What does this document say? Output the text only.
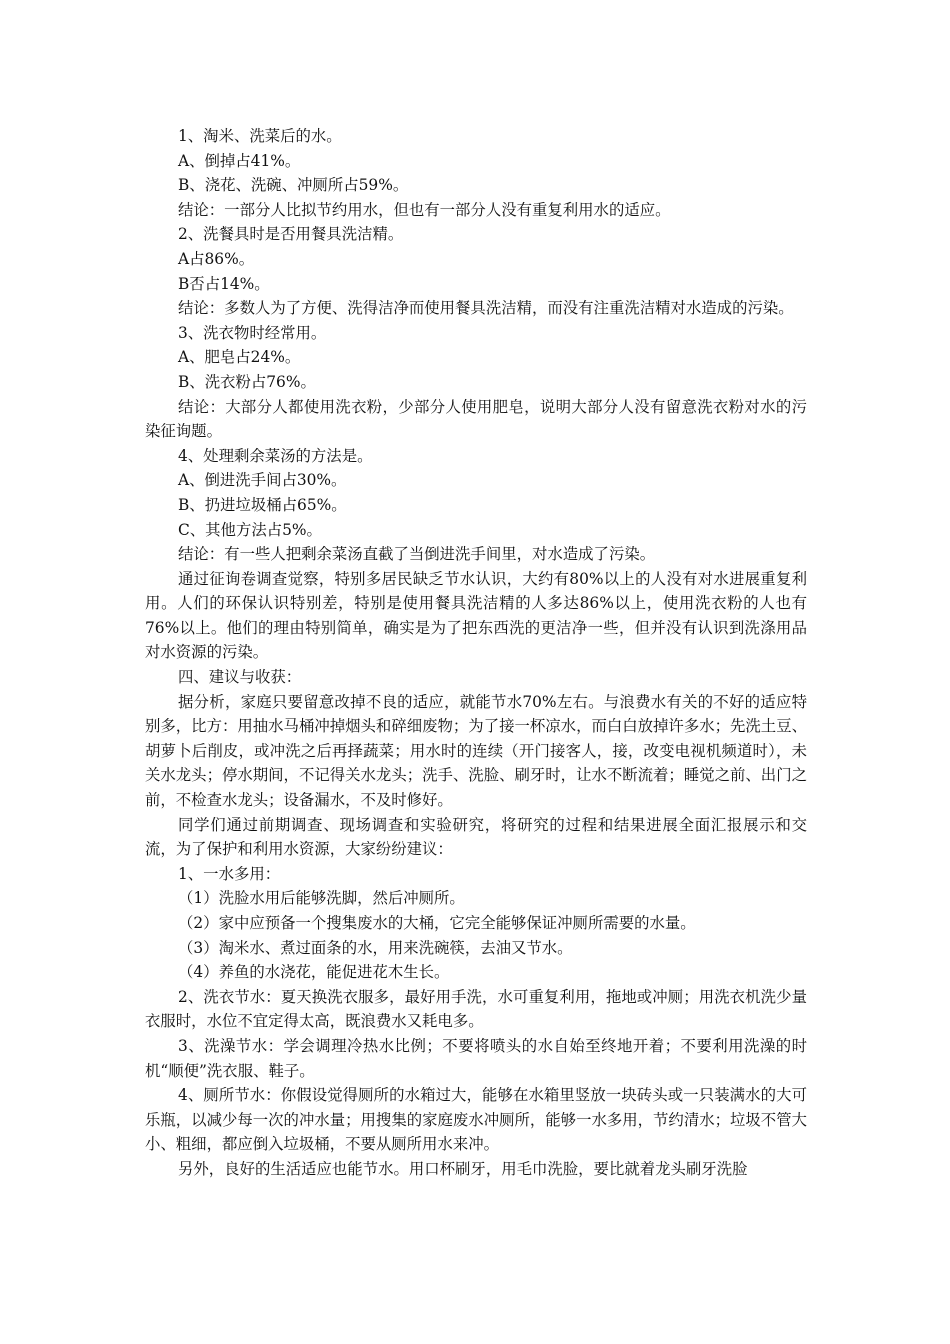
1、淘米、洗菜后的水。

A、倒掉占41%。

B、浇花、洗碗、冲厕所占59%。

结论：一部分人比拟节约用水，但也有一部分人没有重复利用水的适应。

2、洗餐具时是否用餐具洗洁精。

A占86%。

B否占14%。

结论：多数人为了方便、洗得洁净而使用餐具洗洁精，而没有注重洗洁精对水造成的污染。

3、洗衣物时经常用。

A、肥皂占24%。

B、洗衣粉占76%。

结论：大部分人都使用洗衣粉，少部分人使用肥皂，说明大部分人没有留意洗衣粉对水的污染征询题。

4、处理剩余菜汤的方法是。

A、倒进洗手间占30%。

B、扔进垃圾桶占65%。

C、其他方法占5%。

结论：有一些人把剩余菜汤直截了当倒进洗手间里，对水造成了污染。

通过征询卷调查觉察，特别多居民缺乏节水认识，大约有80%以上的人没有对水进展重复利用。人们的环保认识特别差，特别是使用餐具洗洁精的人多达86%以上，使用洗衣粉的人也有76%以上。他们的理由特别简单，确实是为了把东西洗的更洁净一些，但并没有认识到洗涤用品对水资源的污染。

四、建议与收获：

据分析，家庭只要留意改掉不良的适应，就能节水70%左右。与浪费水有关的不好的适应特别多，比方：用抽水马桶冲掉烟头和碎细废物；为了接一杯凉水，而白白放掉许多水；先洗土豆、胡萝卜后削皮，或冲洗之后再择蔬菜；用水时的连续（开门接客人，接，改变电视机频道时），未关水龙头；停水期间，不记得关水龙头；洗手、洗脸、刷牙时，让水不断流着；睡觉之前、出门之前，不检查水龙头；设备漏水，不及时修好。

同学们通过前期调查、现场调查和实验研究，将研究的过程和结果进展全面汇报展示和交流，为了保护和利用水资源，大家纷纷建议：

1、一水多用：

（1）洗脸水用后能够洗脚，然后冲厕所。

（2）家中应预备一个搜集废水的大桶，它完全能够保证冲厕所需要的水量。

（3）淘米水、煮过面条的水，用来洗碗筷，去油又节水。

（4）养鱼的水浇花，能促进花木生长。

2、洗衣节水：夏天换洗衣服多，最好用手洗，水可重复利用，拖地或冲厕；用洗衣机洗少量衣服时，水位不宜定得太高，既浪费水又耗电多。

3、洗澡节水：学会调理冷热水比例；不要将喷头的水自始至终地开着；不要利用洗澡的时机“顺便”洗衣服、鞋子。

4、厕所节水：你假设觉得厕所的水箱过大，能够在水箱里竖放一块砖头或一只装满水的大可乐瓶，以减少每一次的冲水量；用搜集的家庭废水冲厕所，能够一水多用，节约清水；垃圾不管大小、粗细，都应倒入垃圾桶，不要从厕所用水来冲。

另外，良好的生活适应也能节水。用口杯刷牙，用毛巾洗脸，要比就着龙头刷牙洗脸
